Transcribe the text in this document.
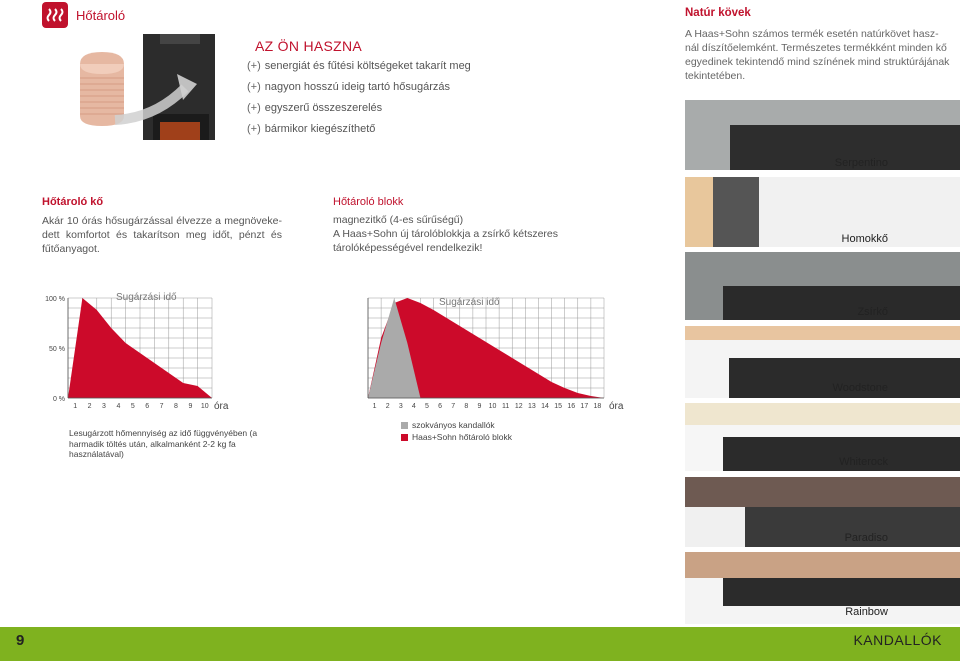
Hőtároló
AZ ÖN HASZNA
(+) senergiát és fűtési költségeket takarít meg
(+) nagyon hosszú ideig tartó hősugárzás
(+) egyszerű összeszerelés
(+) bármikor kiegészíthető
Hőtároló kő
Akár 10 órás hősugárzással élvezze a megnöveke- dett komfortot és takarítson meg időt, pénzt és fűtőanyagot.
Hőtároló blokk
magnezitkő (4-es sűrűségű)
A Haas+Sohn új tárolóblokkja a zsírkő kétszeres tárolóképességével rendelkezik!
1 2 3 4 5 6 7 8 9 10
100 %
50 %
0 %
Sugárzási idő
óra
Lesugárzott hőmennyiség az idő függvényében (a harmadik töltés után, alkalmanként 2-2 kg fa használatával)
1 2 3 4 5 6 7 8 9 10 11 12 13 14 15 16 17 18
Sugárzási idő
óra
szokványos kandallók
Haas+Sohn hőtároló blokk
Natúr kövek
A Haas+Sohn számos termék esetén natúrkövet hasz- nál díszítőelemként. Természetes termékként minden kő egyedinek tekintendő mind színének mind struktúrájának tekintetében.
Serpentino
Homokkő
Zsírkő
Woodstone
Whiterock
Paradiso
Rainbow
9	KANDALLÓK
